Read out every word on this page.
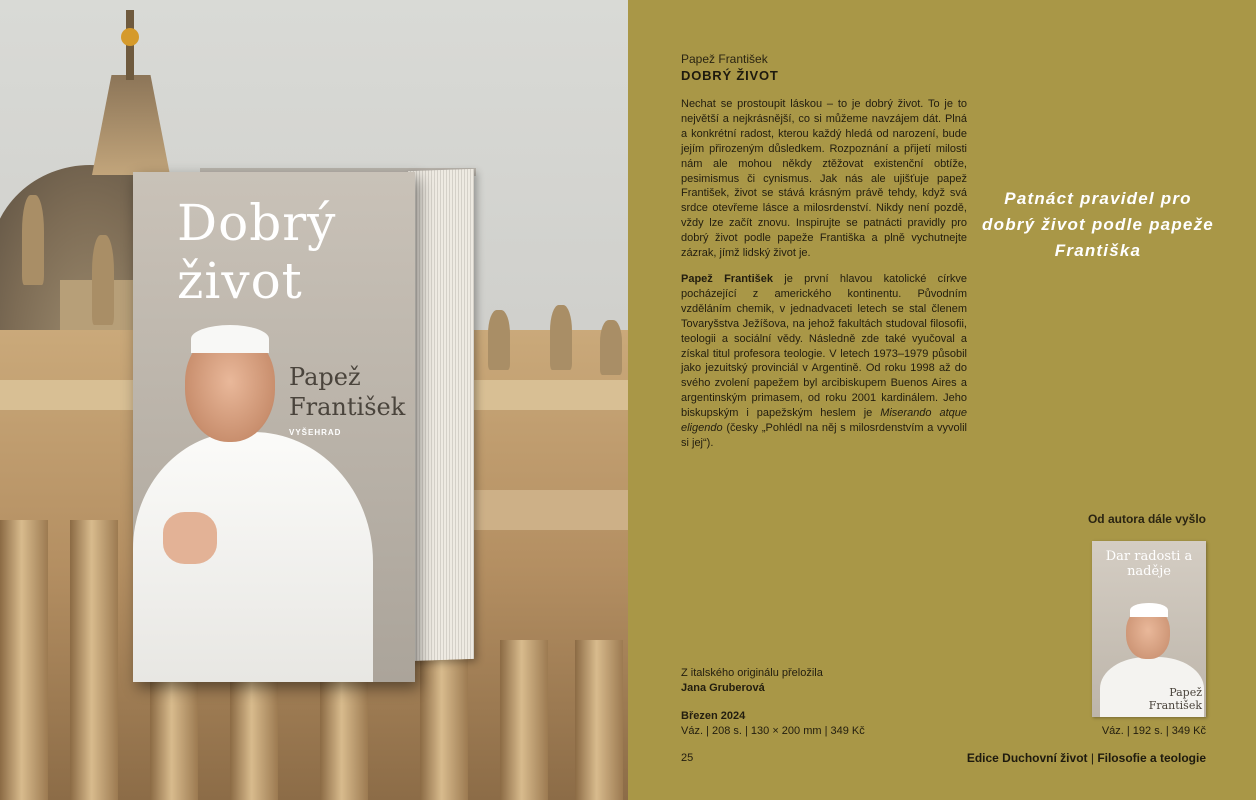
Dobrý
život
Papež
František
VYŠEHRAD
Papež František
DOBRÝ ŽIVOT
Nechat se prostoupit láskou – to je dobrý život. To je to největší a nejkrásnější, co si můžeme navzájem dát. Plná a konkrétní radost, kterou každý hledá od narození, bude jejím přirozeným důsledkem. Rozpoznání a přijetí milosti nám ale mohou někdy ztěžovat existenční obtíže, pesimismus či cynismus. Jak nás ale ujišťuje papež František, život se stává krásným právě tehdy, když svá srdce otevřeme lásce a milosrdenství. Nikdy není pozdě, vždy lze začít znovu. Inspirujte se patnácti pravidly pro dobrý život podle papeže Františka a plně vychutnejte zázrak, jímž lidský život je.
Papež František je první hlavou katolické církve pocházející z amerického kontinentu. Původním vzděláním chemik, v jednadvaceti letech se stal členem Tovaryšstva Ježíšova, na jehož fakultách studoval filosofii, teologii a sociální vědy. Následně zde také vyučoval a získal titul profesora teologie. V letech 1973–1979 působil jako jezuitský provinciál v Argentině. Od roku 1998 až do svého zvolení papežem byl arcibiskupem Buenos Aires a argentinským primasem, od roku 2001 kardinálem. Jeho biskupským i papežským heslem je Miserando atque eligendo (česky „Pohlédl na něj s milosrdenstvím a vyvolil si jej“).
Patnáct pravidel pro dobrý život podle papeže Františka
Od autora dále vyšlo
Dar radosti a naděje
Papež František
Váz. | 192 s. | 349 Kč
Z italského originálu přeložila
Jana Gruberová
Březen 2024
Váz. | 208 s. | 130 × 200 mm | 349 Kč
25	Edice Duchovní život | Filosofie a teologie
